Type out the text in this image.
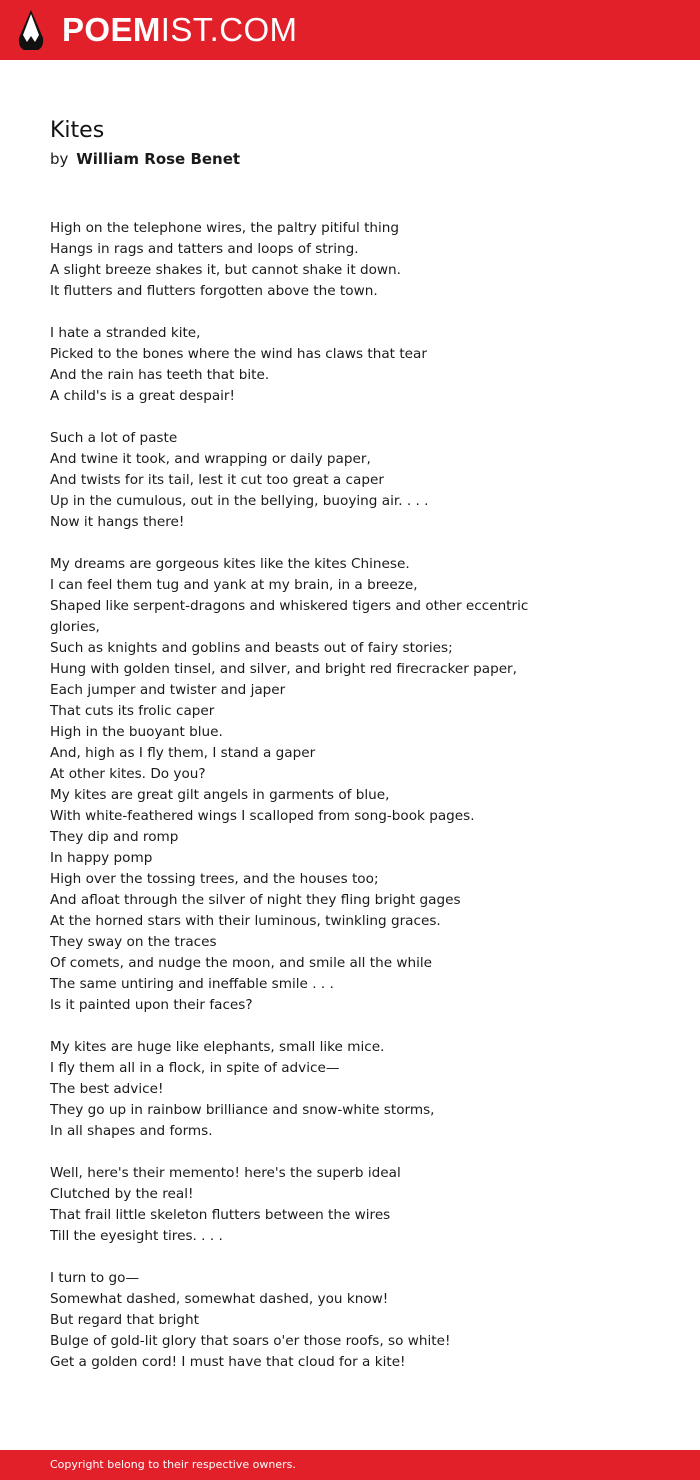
POEMIST.COM
Kites
by William Rose Benet

High on the telephone wires, the paltry pitiful thing
Hangs in rags and tatters and loops of string.
A slight breeze shakes it, but cannot shake it down.
It flutters and flutters forgotten above the town.

I hate a stranded kite,
Picked to the bones where the wind has claws that tear
And the rain has teeth that bite.
A child's is a great despair!

Such a lot of paste
And twine it took, and wrapping or daily paper,
And twists for its tail, lest it cut too great a caper
Up in the cumulous, out in the bellying, buoying air. . . .
Now it hangs there!

My dreams are gorgeous kites like the kites Chinese.
I can feel them tug and yank at my brain, in a breeze,
Shaped like serpent-dragons and whiskered tigers and other eccentric glories,
Such as knights and goblins and beasts out of fairy stories;
Hung with golden tinsel, and silver, and bright red firecracker paper,
Each jumper and twister and japer
That cuts its frolic caper
High in the buoyant blue.
And, high as I fly them, I stand a gaper
At other kites. Do you?
My kites are great gilt angels in garments of blue,
With white-feathered wings I scalloped from song-book pages.
They dip and romp
In happy pomp
High over the tossing trees, and the houses too;
And afloat through the silver of night they fling bright gages
At the horned stars with their luminous, twinkling graces.
They sway on the traces
Of comets, and nudge the moon, and smile all the while
The same untiring and ineffable smile . . .
Is it painted upon their faces?

My kites are huge like elephants, small like mice.
I fly them all in a flock, in spite of advice—
The best advice!
They go up in rainbow brilliance and snow-white storms,
In all shapes and forms.

Well, here's their memento! here's the superb ideal
Clutched by the real!
That frail little skeleton flutters between the wires
Till the eyesight tires. . . .

I turn to go—
Somewhat dashed, somewhat dashed, you know!
But regard that bright
Bulge of gold-lit glory that soars o'er those roofs, so white!
Get a golden cord! I must have that cloud for a kite!

Copyright belong to their respective owners.
